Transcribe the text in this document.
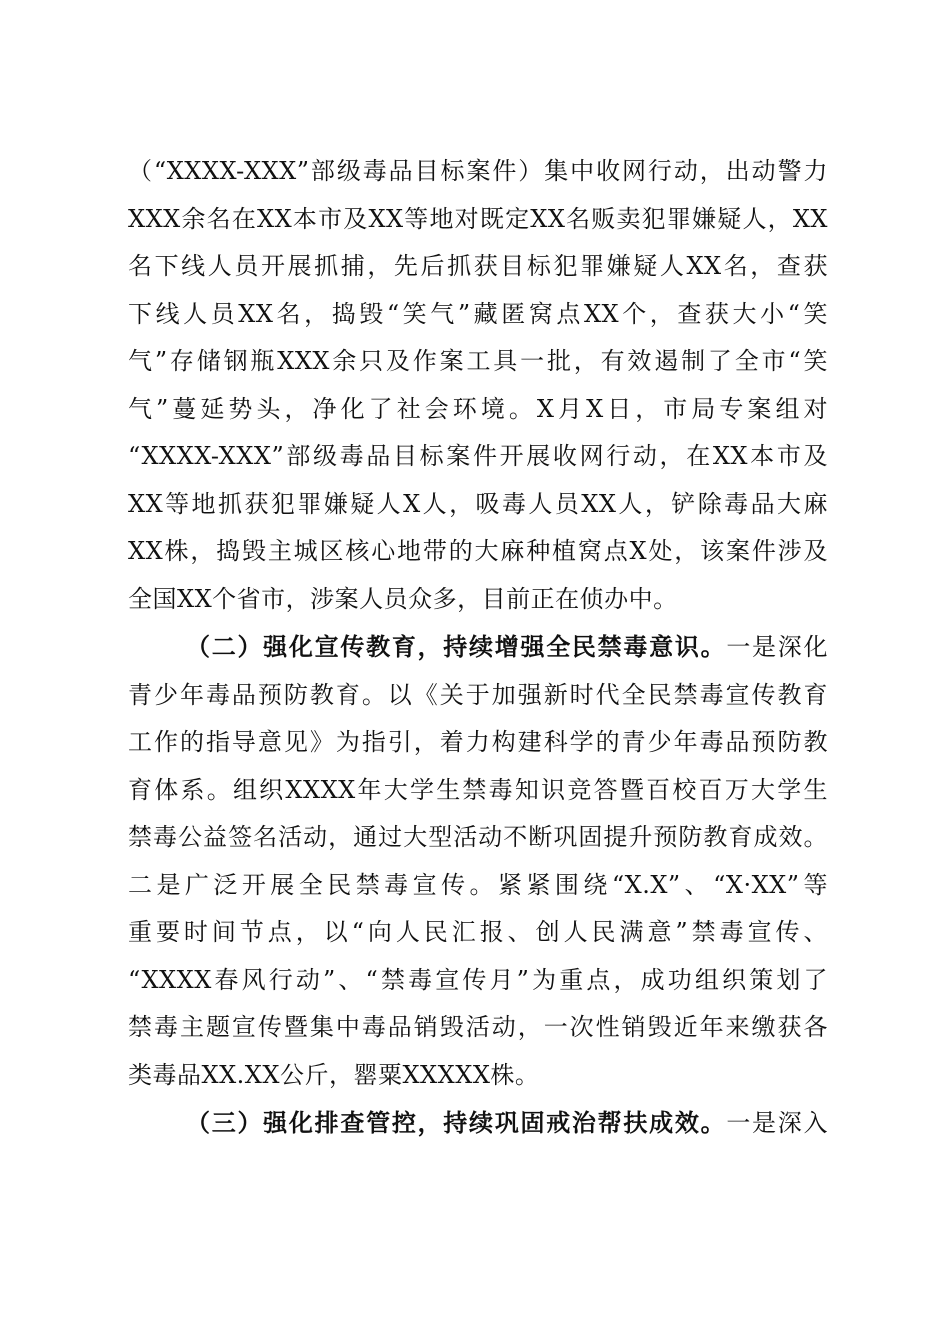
（“XXXX-XXX”部级毒品目标案件）集中收网行动，出动警力
XXX余名在XX本市及XX等地对既定XX名贩卖犯罪嫌疑人，XX
名下线人员开展抓捕，先后抓获目标犯罪嫌疑人XX名，查获
下线人员XX名，捣毁“笑气”藏匿窝点XX个，查获大小“笑
气”存储钢瓶XXX余只及作案工具一批，有效遏制了全市“笑
气”蔓延势头，净化了社会环境。X月X日，市局专案组对
“XXXX-XXX”部级毒品目标案件开展收网行动，在XX本市及
XX等地抓获犯罪嫌疑人X人，吸毒人员XX人，铲除毒品大麻
XX株，捣毁主城区核心地带的大麻种植窝点X处，该案件涉及
全国XX个省市，涉案人员众多，目前正在侦办中。
（二）强化宣传教育，持续增强全民禁毒意识。一是深化
青少年毒品预防教育。以《关于加强新时代全民禁毒宣传教育
工作的指导意见》为指引，着力构建科学的青少年毒品预防教
育体系。组织XXXX年大学生禁毒知识竞答暨百校百万大学生
禁毒公益签名活动，通过大型活动不断巩固提升预防教育成效。
二是广泛开展全民禁毒宣传。紧紧围绕“X.X”、“X·XX”等
重要时间节点，以“向人民汇报、创人民满意”禁毒宣传、
“XXXX春风行动”、“禁毒宣传月”为重点，成功组织策划了
禁毒主题宣传暨集中毒品销毁活动，一次性销毁近年来缴获各
类毒品XX.XX公斤，罂粟XXXXX株。
（三）强化排查管控，持续巩固戒治帮扶成效。一是深入
